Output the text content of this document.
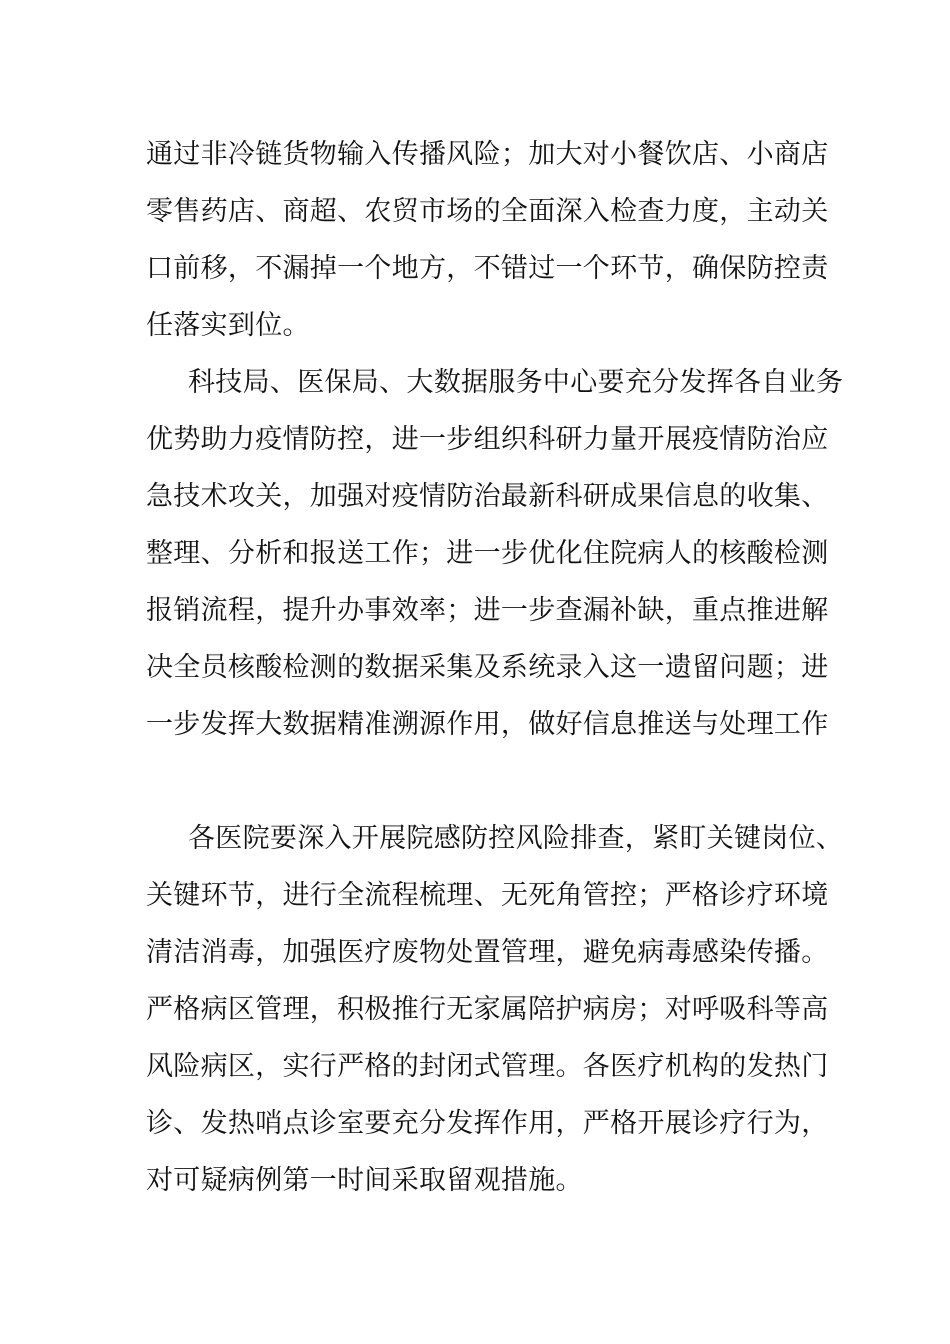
通过非冷链货物输入传播风险；加大对小餐饮店、小商店
零售药店、商超、农贸市场的全面深入检查力度，主动关
口前移，不漏掉一个地方，不错过一个环节，确保防控责
任落实到位。
科技局、医保局、大数据服务中心要充分发挥各自业务
优势助力疫情防控，进一步组织科研力量开展疫情防治应
急技术攻关，加强对疫情防治最新科研成果信息的收集、
整理、分析和报送工作；进一步优化住院病人的核酸检测
报销流程，提升办事效率；进一步查漏补缺，重点推进解
决全员核酸检测的数据采集及系统录入这一遗留问题；进
一步发挥大数据精准溯源作用，做好信息推送与处理工作
各医院要深入开展院感防控风险排查，紧盯关键岗位、
关键环节，进行全流程梳理、无死角管控；严格诊疗环境
清洁消毒，加强医疗废物处置管理，避免病毒感染传播。
严格病区管理，积极推行无家属陪护病房；对呼吸科等高
风险病区，实行严格的封闭式管理。各医疗机构的发热门
诊、发热哨点诊室要充分发挥作用，严格开展诊疗行为，
对可疑病例第一时间采取留观措施。
